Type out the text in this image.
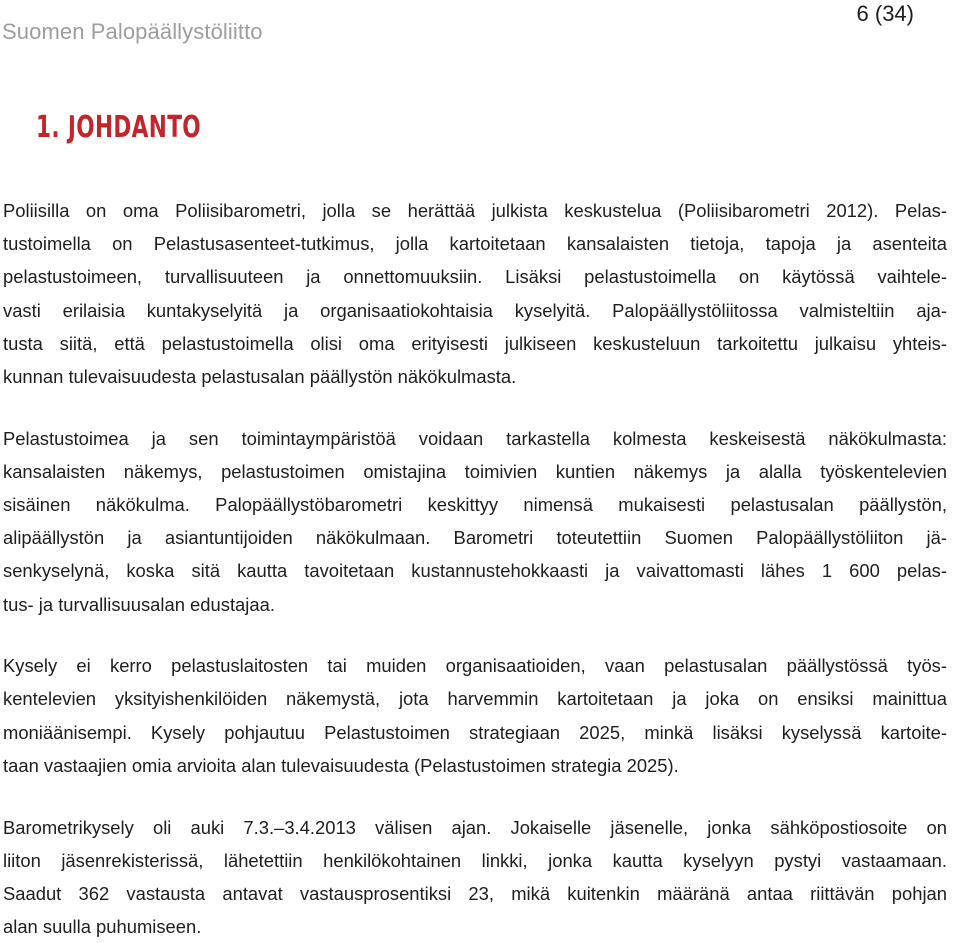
Suomen Palopäällystöliitto
6 (34)
1. JOHDANTO
Poliisilla on oma Poliisibarometri, jolla se herättää julkista keskustelua (Poliisibarometri 2012). Pelas-
tustoimella on Pelastusasenteet-tutkimus, jolla kartoitetaan kansalaisten tietoja, tapoja ja asenteita
pelastustoimeen, turvallisuuteen ja onnettomuuksiin. Lisäksi pelastustoimella on käytössä vaihtele-
vasti erilaisia kuntakyselyitä ja organisaatiokohtaisia kyselyitä. Palopäällystöliitossa valmisteltiin aja-
tusta siitä, että pelastustoimella olisi oma erityisesti julkiseen keskusteluun tarkoitettu julkaisu yhteis-
kunnan tulevaisuudesta pelastusalan päällystön näkökulmasta.
Pelastustoimea ja sen toimintaympäristöä voidaan tarkastella kolmesta keskeisestä näkökulmasta:
kansalaisten näkemys, pelastustoimen omistajina toimivien kuntien näkemys ja alalla työskentelevien
sisäinen näkökulma. Palopäällystöbarometri keskittyy nimensä mukaisesti pelastusalan päällystön,
alipäällystön ja asiantuntijoiden näkökulmaan. Barometri toteutettiin Suomen Palopäällystöliiton jä-
senkyselynä, koska sitä kautta tavoitetaan kustannustehokkaasti ja vaivattomasti lähes 1 600 pelas-
tus- ja turvallisuusalan edustajaa.
Kysely ei kerro pelastuslaitosten tai muiden organisaatioiden, vaan pelastusalan päällystössä työs-
kentelevien yksityishenkilöiden näkemystä, jota harvemmin kartoitetaan ja joka on ensiksi mainittua
moniäänisempi. Kysely pohjautuu Pelastustoimen strategiaan 2025, minkä lisäksi kyselyssä kartoite-
taan vastaajien omia arvioita alan tulevaisuudesta (Pelastustoimen strategia 2025).
Barometrikysely oli auki 7.3.–3.4.2013 välisen ajan. Jokaiselle jäsenelle, jonka sähköpostiosoite on
liiton jäsenrekisterissä, lähetettiin henkilökohtainen linkki, jonka kautta kyselyyn pystyi vastaamaan.
Saadut 362 vastausta antavat vastausprosentiksi 23, mikä kuitenkin määränä antaa riittävän pohjan
alan suulla puhumiseen.
